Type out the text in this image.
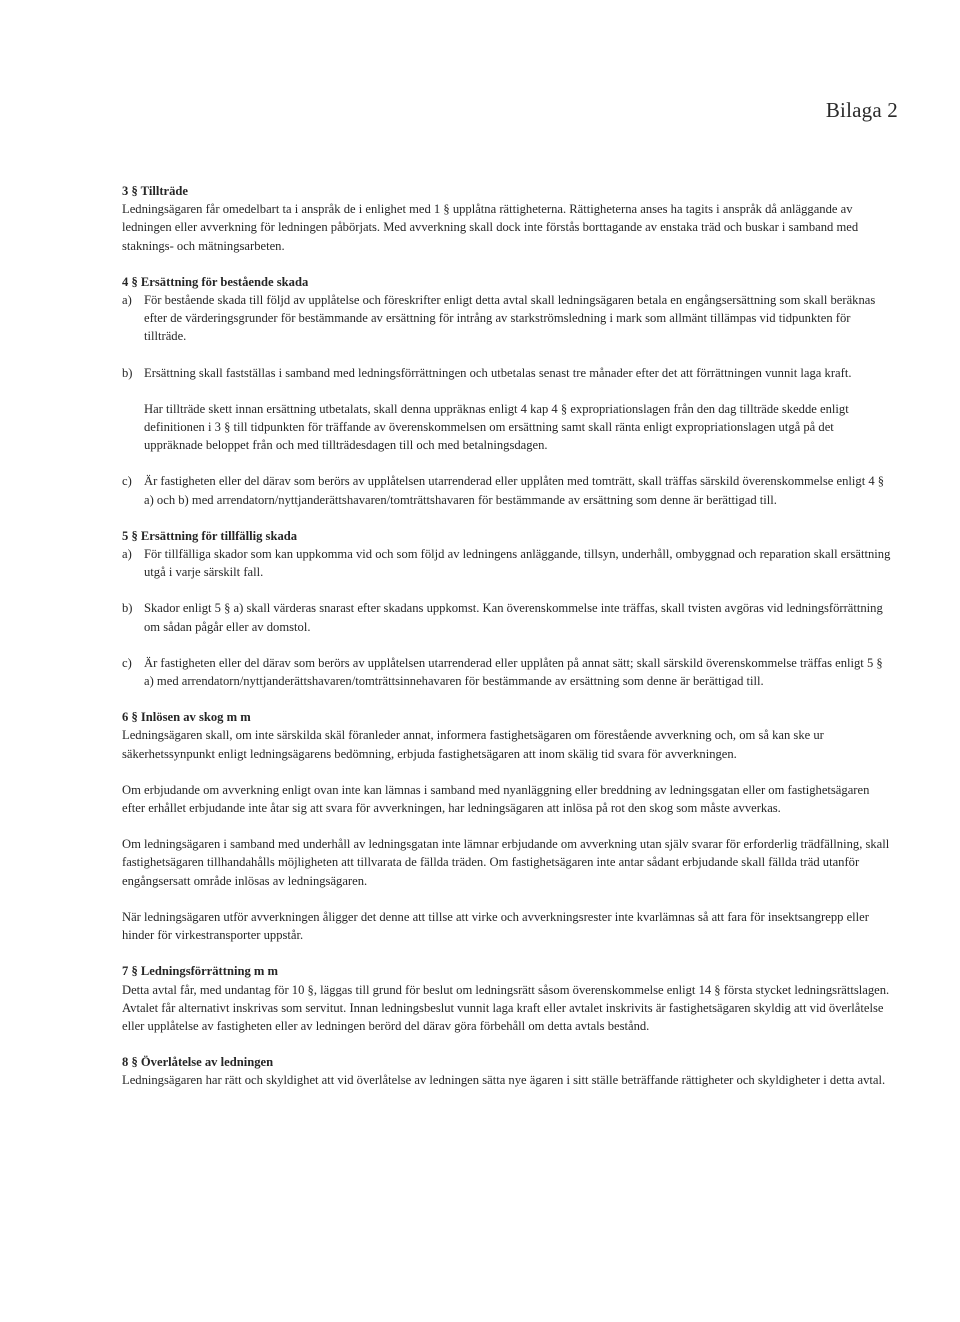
Bilaga 2

3 § Tillträde

Ledningsägaren får omedelbart ta i anspråk de i enlighet med 1 § upplåtna rättigheterna. Rättigheterna anses ha tagits i anspråk då anläggande av ledningen eller avverkning för ledningen påbörjats. Med avverkning skall dock inte förstås borttagande av enstaka träd och buskar i samband med staknings- och mätningsarbeten.

4 § Ersättning för bestående skada

a) För bestående skada till följd av upplåtelse och föreskrifter enligt detta avtal skall ledningsägaren betala en engångsersättning som skall beräknas efter de värderingsgrunder för bestämmande av ersättning för intrång av starkströmsledning i mark som allmänt tillämpas vid tidpunkten för tillträde.
b) Ersättning skall fastställas i samband med ledningsförrättningen och utbetalas senast tre månader efter det att förrättningen vunnit laga kraft.

Har tillträde skett innan ersättning utbetalats, skall denna uppräknas enligt 4 kap 4 § expropriationslagen från den dag tillträde skedde enligt definitionen i 3 § till tidpunkten för träffande av överenskommelsen om ersättning samt skall ränta enligt expropriationslagen utgå på det uppräknade beloppet från och med tillträdesdagen till och med betalningsdagen.

c) Är fastigheten eller del därav som berörs av upplåtelsen utarrenderad eller upplåten med tomträtt, skall träffas särskild överenskommelse enligt 4 § a) och b) med arrendatorn/nyttjanderättshavaren/tomträttshavaren för bestämmande av ersättning som denne är berättigad till.

5 § Ersättning för tillfällig skada

a) För tillfälliga skador som kan uppkomma vid och som följd av ledningens anläggande, tillsyn, underhåll, ombyggnad och reparation skall ersättning utgå i varje särskilt fall.
b) Skador enligt 5 § a) skall värderas snarast efter skadans uppkomst. Kan överenskommelse inte träffas, skall tvisten avgöras vid ledningsförrättning om sådan pågår eller av domstol.
c) Är fastigheten eller del därav som berörs av upplåtelsen utarrenderad eller upplåten på annat sätt; skall särskild överenskommelse träffas enligt 5 § a) med arrendatorn/nyttjanderättshavaren/tomträttsinnehavaren för bestämmande av ersättning som denne är berättigad till.

6 § Inlösen av skog m m

Ledningsägaren skall, om inte särskilda skäl föranleder annat, informera fastighetsägaren om förestående avverkning och, om så kan ske ur säkerhetssynpunkt enligt ledningsägarens bedömning, erbjuda fastighetsägaren att inom skälig tid svara för avverkningen.

Om erbjudande om avverkning enligt ovan inte kan lämnas i samband med nyanläggning eller breddning av ledningsgatan eller om fastighetsägaren efter erhållet erbjudande inte åtar sig att svara för avverkningen, har ledningsägaren att inlösa på rot den skog som måste avverkas.

Om ledningsägaren i samband med underhåll av ledningsgatan inte lämnar erbjudande om avverkning utan själv svarar för erforderlig trädfällning, skall fastighetsägaren tillhandahålls möjligheten att tillvarata de fällda träden. Om fastighetsägaren inte antar sådant erbjudande skall fällda träd utanför engångsersatt område inlösas av ledningsägaren.

När ledningsägaren utför avverkningen åligger det denne att tillse att virke och avverkningsrester inte kvarlämnas så att fara för insektsangrepp eller hinder för virkestransporter uppstår.

7 § Ledningsförrättning m m

Detta avtal får, med undantag för 10 §, läggas till grund för beslut om ledningsrätt såsom överenskommelse enligt 14 § första stycket ledningsrättslagen. Avtalet får alternativt inskrivas som servitut. Innan ledningsbeslut vunnit laga kraft eller avtalet inskrivits är fastighetsägaren skyldig att vid överlåtelse eller upplåtelse av fastigheten eller av ledningen berörd del därav göra förbehåll om detta avtals bestånd.

8 § Överlåtelse av ledningen

Ledningsägaren har rätt och skyldighet att vid överlåtelse av ledningen sätta nye ägaren i sitt ställe beträffande rättigheter och skyldigheter i detta avtal.
